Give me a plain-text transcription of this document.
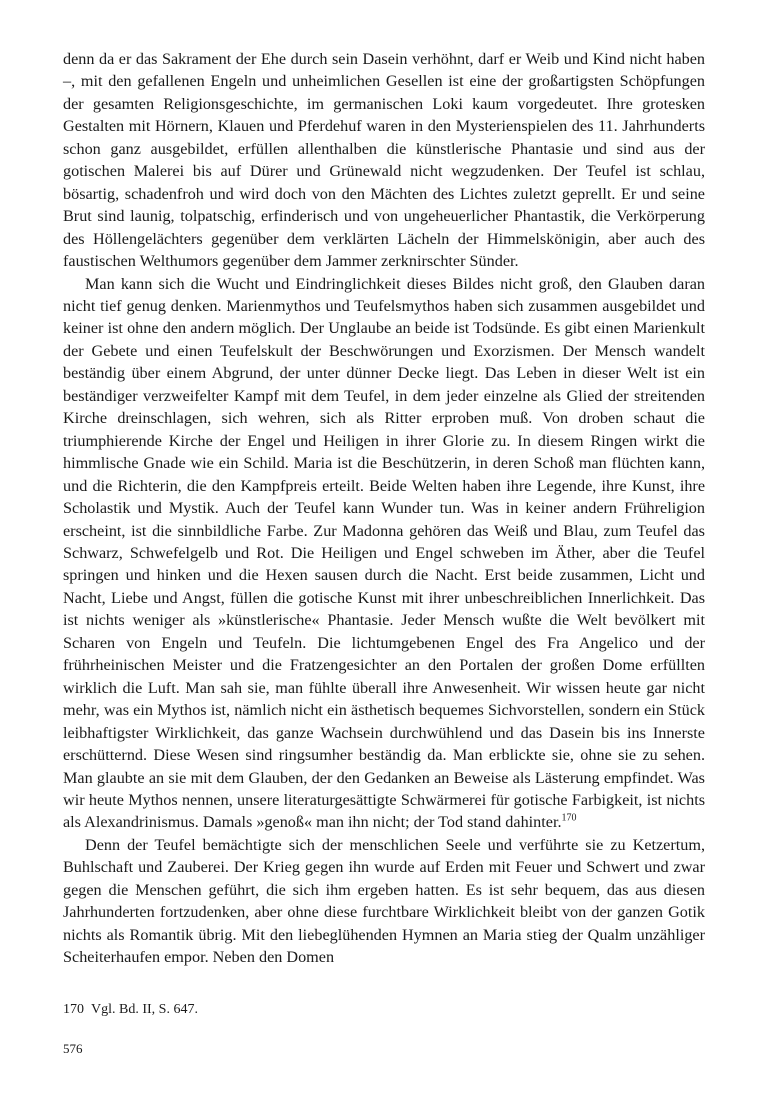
denn da er das Sakrament der Ehe durch sein Dasein verhöhnt, darf er Weib und Kind nicht haben –, mit den gefallenen Engeln und unheimlichen Gesellen ist eine der großartigsten Schöpfungen der gesamten Religionsgeschichte, im germanischen Loki kaum vorgedeutet. Ihre grotesken Gestalten mit Hörnern, Klauen und Pferdehuf waren in den Mysterienspielen des 11. Jahrhunderts schon ganz ausgebildet, erfüllen allenthalben die künstlerische Phantasie und sind aus der gotischen Malerei bis auf Dürer und Grünewald nicht wegzudenken. Der Teufel ist schlau, bösartig, schadenfroh und wird doch von den Mächten des Lichtes zuletzt geprellt. Er und seine Brut sind launig, tolpatschig, erfinderisch und von ungeheuerlicher Phantastik, die Verkörperung des Höllengelächters gegenüber dem verklärten Lächeln der Himmelskönigin, aber auch des faustischen Welthumors gegenüber dem Jammer zerknirschter Sünder.

Man kann sich die Wucht und Eindringlichkeit dieses Bildes nicht groß, den Glauben daran nicht tief genug denken. Marienmythos und Teufelsmythos haben sich zusammen ausgebildet und keiner ist ohne den andern möglich. Der Unglaube an beide ist Todsünde. Es gibt einen Marienkult der Gebete und einen Teufelskult der Beschwörungen und Exorzismen. Der Mensch wandelt beständig über einem Abgrund, der unter dünner Decke liegt. Das Leben in dieser Welt ist ein beständiger verzweifelter Kampf mit dem Teufel, in dem jeder einzelne als Glied der streitenden Kirche dreinschlagen, sich wehren, sich als Ritter erproben muß. Von droben schaut die triumphierende Kirche der Engel und Heiligen in ihrer Glorie zu. In diesem Ringen wirkt die himmlische Gnade wie ein Schild. Maria ist die Beschützerin, in deren Schoß man flüchten kann, und die Richterin, die den Kampfpreis erteilt. Beide Welten haben ihre Legende, ihre Kunst, ihre Scholastik und Mystik. Auch der Teufel kann Wunder tun. Was in keiner andern Frühreligion erscheint, ist die sinnbildliche Farbe. Zur Madonna gehören das Weiß und Blau, zum Teufel das Schwarz, Schwefelgelb und Rot. Die Heiligen und Engel schweben im Äther, aber die Teufel springen und hinken und die Hexen sausen durch die Nacht. Erst beide zusammen, Licht und Nacht, Liebe und Angst, füllen die gotische Kunst mit ihrer unbeschreiblichen Innerlichkeit. Das ist nichts weniger als »künstlerische« Phantasie. Jeder Mensch wußte die Welt bevölkert mit Scharen von Engeln und Teufeln. Die lichtumgebenen Engel des Fra Angelico und der frührheinischen Meister und die Fratzengesichter an den Portalen der großen Dome erfüllten wirklich die Luft. Man sah sie, man fühlte überall ihre Anwesenheit. Wir wissen heute gar nicht mehr, was ein Mythos ist, nämlich nicht ein ästhetisch bequemes Sichvorstellen, sondern ein Stück leibhaftigster Wirklichkeit, das ganze Wachsein durchwühlend und das Dasein bis ins Innerste erschütternd. Diese Wesen sind ringsumher beständig da. Man erblickte sie, ohne sie zu sehen. Man glaubte an sie mit dem Glauben, der den Gedanken an Beweise als Lästerung empfindet. Was wir heute Mythos nennen, unsere literaturgesättigte Schwärmerei für gotische Farbigkeit, ist nichts als Alexandrinismus. Damals »genoß« man ihn nicht; der Tod stand dahinter.$^{170}$

Denn der Teufel bemächtigte sich der menschlichen Seele und verführte sie zu Ketzertum, Buhlschaft und Zauberei. Der Krieg gegen ihn wurde auf Erden mit Feuer und Schwert und zwar gegen die Menschen geführt, die sich ihm ergeben hatten. Es ist sehr bequem, das aus diesen Jahrhunderten fortzudenken, aber ohne diese furchtbare Wirklichkeit bleibt von der ganzen Gotik nichts als Romantik übrig. Mit den liebeglühenden Hymnen an Maria stieg der Qualm unzähliger Scheiterhaufen empor. Neben den Domen

170 Vgl. Bd. II, S. 647.
576
